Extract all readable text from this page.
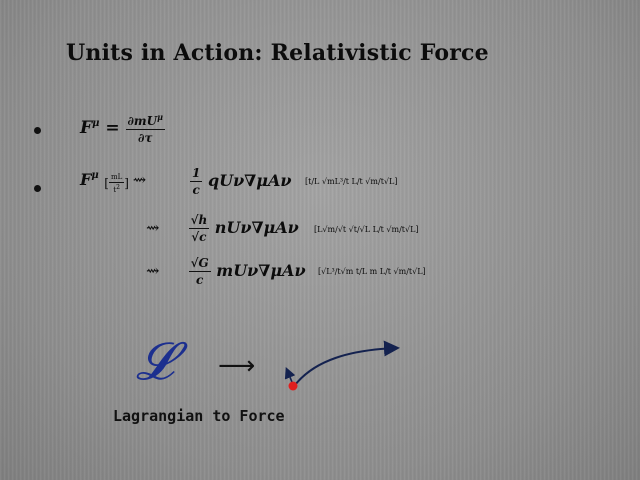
Units in Action: Relativistic Force
$F^\mu = \frac{\partial mU^\mu}{\partial\tau}$
$F^\mu$ [ $\frac{mL}{t2}$ ] ⇝	$\frac{1}{c} qU\nu\nabla\mu A\nu$ [t/L √mL³/t L/t √m/t√L]
⇝ $\frac{√h}{√c} nU\nu\nabla\mu A\nu$ [L√m/√t √t/√L L/t √m/t√L]
⇝ $\frac{√G}{c} mU\nu\nabla\mu A\nu$ [√L³/t√m t/L m L/t √m/t√L]
𝓛 ⟶
Lagrangian to Force
